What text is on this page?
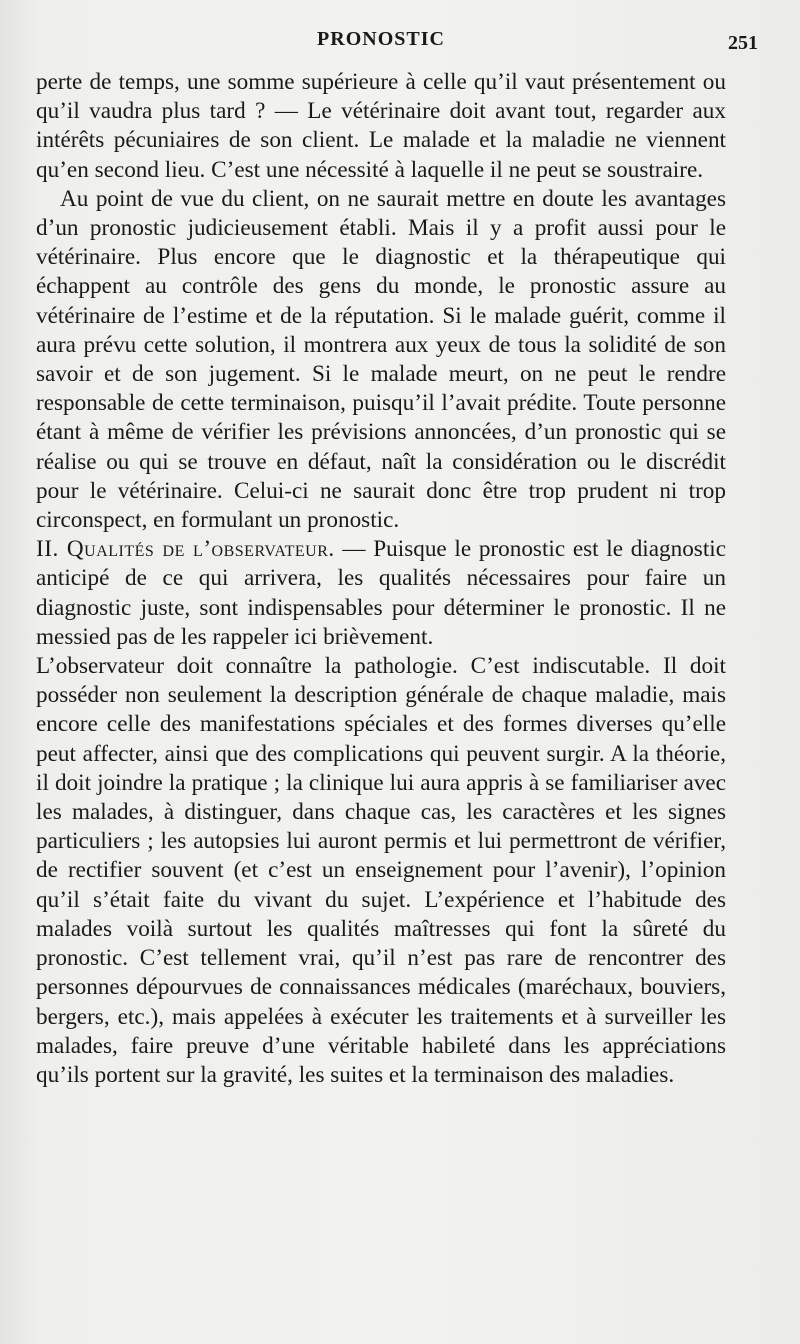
PRONOSTIC	251

perte de temps, une somme supérieure à celle qu’il vaut présentement ou qu’il vaudra plus tard ? — Le vétérinaire doit avant tout, regarder aux intérêts pécuniaires de son client. Le malade et la maladie ne viennent qu’en second lieu. C’est une nécessité à laquelle il ne peut se soustraire.

Au point de vue du client, on ne saurait mettre en doute les avantages d’un pronostic judicieusement établi. Mais il y a profit aussi pour le vétérinaire. Plus encore que le diagnostic et la thérapeutique qui échappent au contrôle des gens du monde, le pronostic assure au vétérinaire de l’estime et de la réputation. Si le malade guérit, comme il aura prévu cette solution, il montrera aux yeux de tous la solidité de son savoir et de son jugement. Si le malade meurt, on ne peut le rendre responsable de cette terminaison, puisqu’il l’avait prédite. Toute personne étant à même de vérifier les prévisions annoncées, d’un pronostic qui se réalise ou qui se trouve en défaut, naît la considération ou le discrédit pour le vétérinaire. Celui-ci ne saurait donc être trop prudent ni trop circonspect, en formulant un pronostic.

II. Qualités de l’observateur. — Puisque le pronostic est le diagnostic anticipé de ce qui arrivera, les qualités nécessaires pour faire un diagnostic juste, sont indispensables pour déterminer le pronostic. Il ne messied pas de les rappeler ici brièvement.

L’observateur doit connaître la pathologie. C’est indiscutable. Il doit posséder non seulement la description générale de chaque maladie, mais encore celle des manifestations spéciales et des formes diverses qu’elle peut affecter, ainsi que des complications qui peuvent surgir. A la théorie, il doit joindre la pratique ; la clinique lui aura appris à se familiariser avec les malades, à distinguer, dans chaque cas, les caractères et les signes particuliers ; les autopsies lui auront permis et lui permettront de vérifier, de rectifier souvent (et c’est un enseignement pour l’avenir), l’opinion qu’il s’était faite du vivant du sujet. L’expérience et l’habitude des malades voilà surtout les qualités maîtresses qui font la sûreté du pronostic. C’est tellement vrai, qu’il n’est pas rare de rencontrer des personnes dépourvues de connaissances médicales (maréchaux, bouviers, bergers, etc.), mais appelées à exécuter les traitements et à surveiller les malades, faire preuve d’une véritable habileté dans les appréciations qu’ils portent sur la gravité, les suites et la terminaison des maladies.
